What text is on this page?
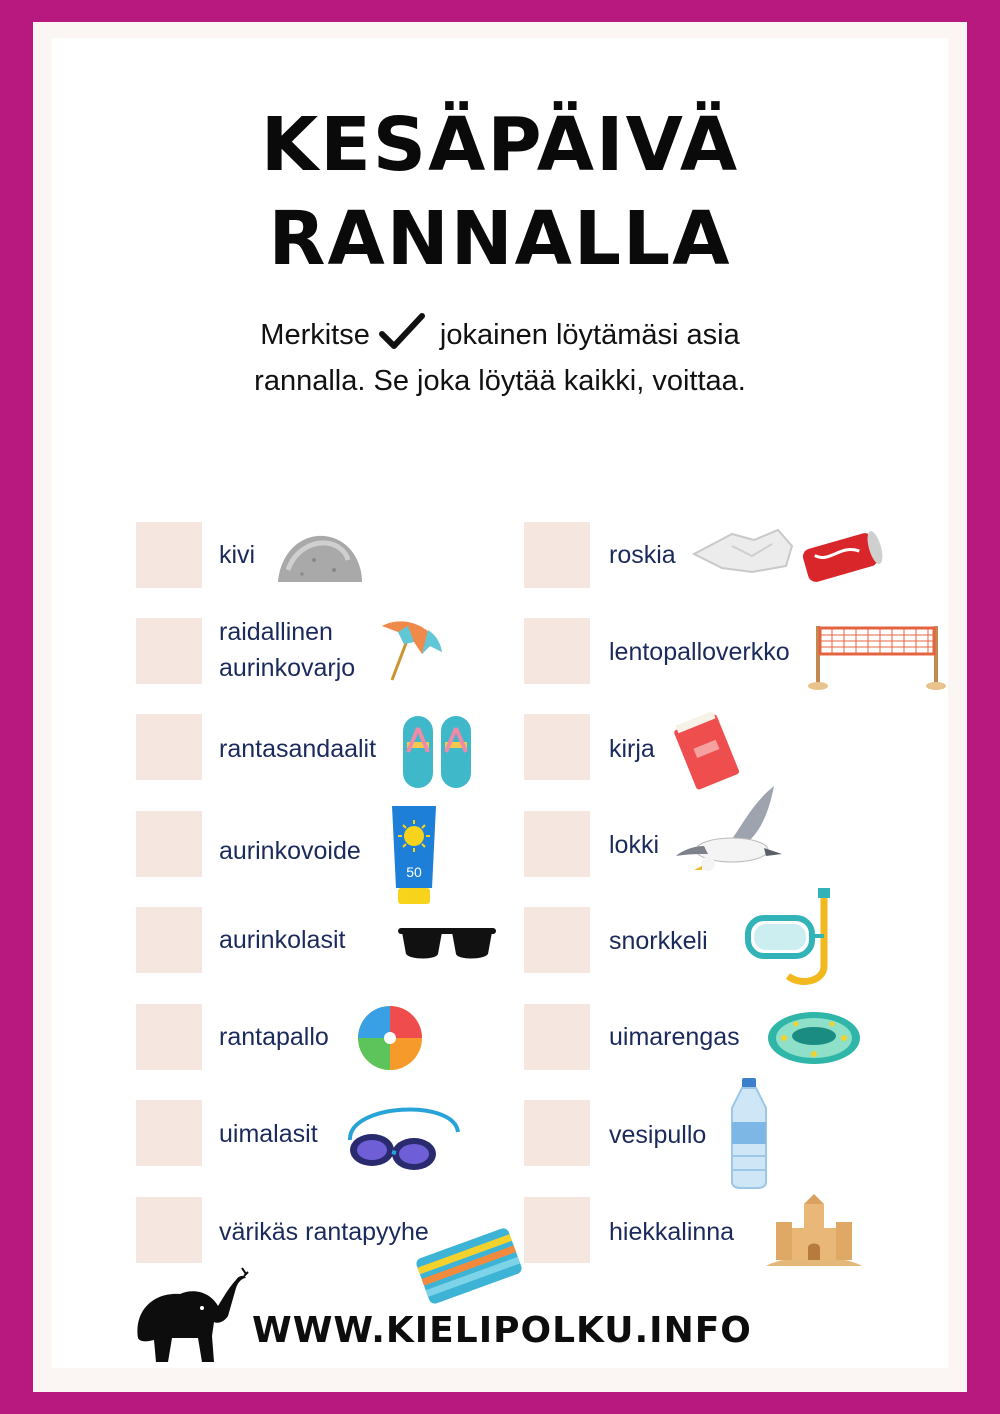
KESÄPÄIVÄ
RANNALLA
Merkitse jokainen löytämäsi asia
rannalla. Se joka löytää kaikki, voittaa.
kivi
raidallinen
aurinkovarjo
rantasandaalit
aurinkovoide
50
aurinkolasit
rantapallo
uimalasit
värikäs rantapyyhe
roskia
lentopalloverkko
kirja
lokki
snorkkeli
uimarengas
vesipullo
hiekkalinna
WWW.KIELIPOLKU.INFO
